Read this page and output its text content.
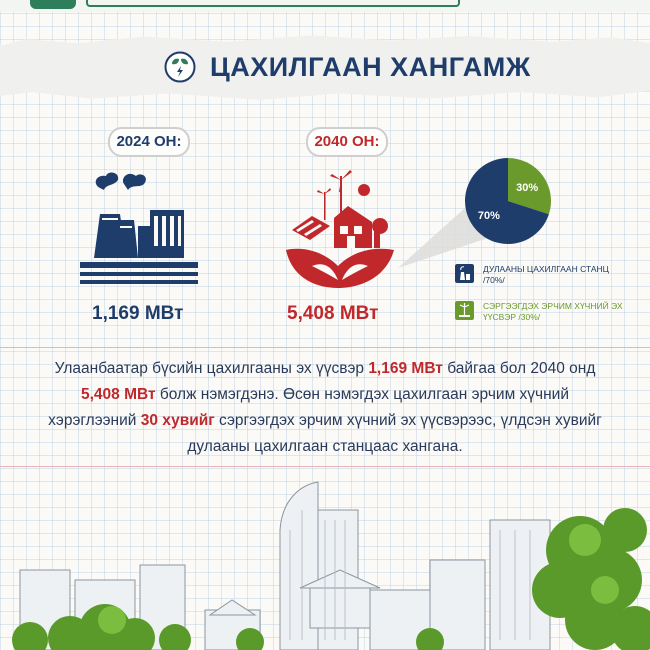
ЦАХИЛГААН ХАНГАМЖ
2024 ОН:	2040 ОН:
1,169 МВт	5,408 МВт
30%
70%
ДУЛААНЫ ЦАХИЛГААН СТАНЦ /70%/
СЭРГЭЭГДЭХ ЭРЧИМ ХҮЧНИЙ ЭХ ҮҮСВЭР /30%/
Улаанбаатар бүсийн цахилгааны эх үүсвэр 1,169 МВт байгаа бол 2040 онд 5,408 МВт болж нэмэгдэнэ. Өсөн нэмэгдэх цахилгаан эрчим хүчний хэрэглээний 30 хувийг сэргээгдэх эрчим хүчний эх үүсвэрээс, үлдсэн хувийг дулааны цахилгаан станцаас хангана.
